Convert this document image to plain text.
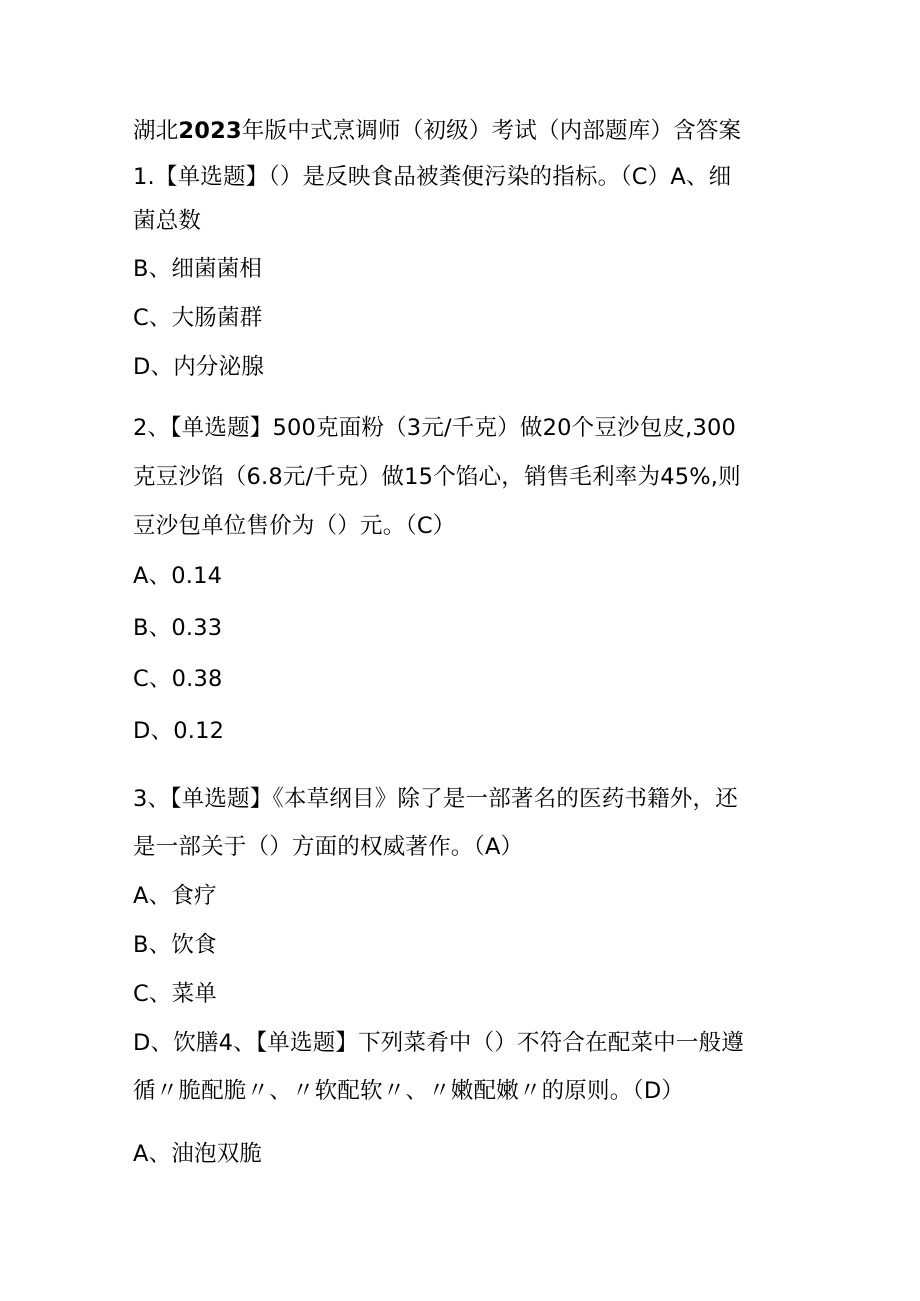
湖北2023年版中式烹调师（初级）考试（内部题库）含答案
1.【单选题】（）是反映食品被粪便污染的指标。（C）A、细
菌总数
B、细菌菌相
C、大肠菌群
D、内分泌腺
2、【单选题】500克面粉（3元/千克）做20个豆沙包皮,300
克豆沙馅（6.8元/千克）做15个馅心，销售毛利率为45%,则
豆沙包单位售价为（）元。（C）
A、0.14
B、0.33
C、0.38
D、0.12
3、【单选题】《本草纲目》除了是一部著名的医药书籍外，还
是一部关于（）方面的权威著作。（A）
A、食疗
B、饮食
C、菜单
D、饮膳4、【单选题】下列菜肴中（）不符合在配菜中一般遵
循〃脆配脆〃、〃软配软〃、〃嫩配嫩〃的原则。（D）
A、油泡双脆
